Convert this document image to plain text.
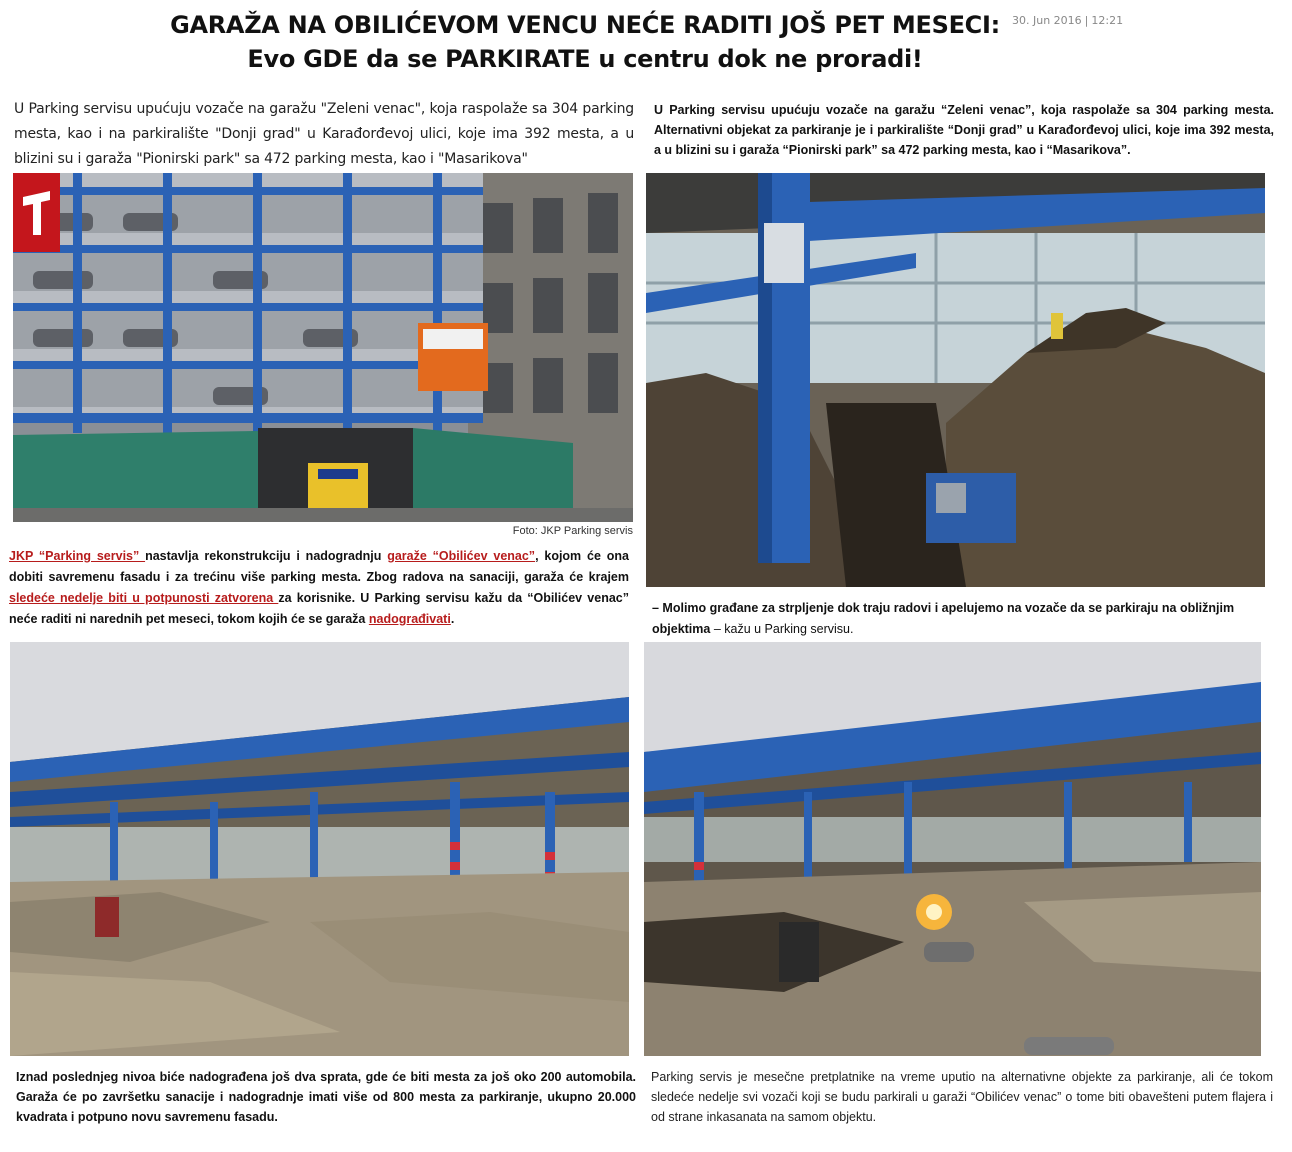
GARAŽA NA OBILIĆEVOM VENCU NEĆE RADITI JOŠ PET MESECI:
Evo GDE da se PARKIRATE u centru dok ne proradi!
30. Jun 2016 | 12:21
U Parking servisu upućuju vozače na garažu "Zeleni venac", koja raspolaže sa 304 parking mesta, kao i na parkiralište "Donji grad" u Karađorđevoj ulici, koje ima 392 mesta, a u blizini su i garaža "Pionirski park" sa 472 parking mesta, kao i "Masarikova"
U Parking servisu upućuju vozače na garažu “Zeleni venac”, koja raspolaže sa 304 parking mesta. Alternativni objekat za parkiranje je i parkiralište “Donji grad” u Karađorđevoj ulici, koje ima 392 mesta, a u blizini su i garaža “Pionirski park” sa 472 parking mesta, kao i “Masarikova”.
Foto: JKP Parking servis
JKP “Parking servis” nastavlja rekonstrukciju i nadogradnju garaže “Obilićev venac”, kojom će ona dobiti savremenu fasadu i za trećinu više parking mesta. Zbog radova na sanaciji, garaža će krajem sledeće nedelje biti u potpunosti zatvorena za korisnike. U Parking servisu kažu da “Obilićev venac” neće raditi ni narednih pet meseci, tokom kojih će se garaža nadograđivati.
– Molimo građane za strpljenje dok traju radovi i apelujemo na vozače da se parkiraju na obližnjim objektima – kažu u Parking servisu.
Iznad poslednjeg nivoa biće nadograđena još dva sprata, gde će biti mesta za još oko 200 automobila. Garaža će po završetku sanacije i nadogradnje imati više od 800 mesta za parkiranje, ukupno 20.000 kvadrata i potpuno novu savremenu fasadu.
Parking servis je mesečne pretplatnike na vreme uputio na alternativne objekte za parkiranje, ali će tokom sledeće nedelje svi vozači koji se budu parkirali u garaži “Obilićev venac” o tome biti obavešteni putem flajera i od strane inkasanata na samom objektu.
